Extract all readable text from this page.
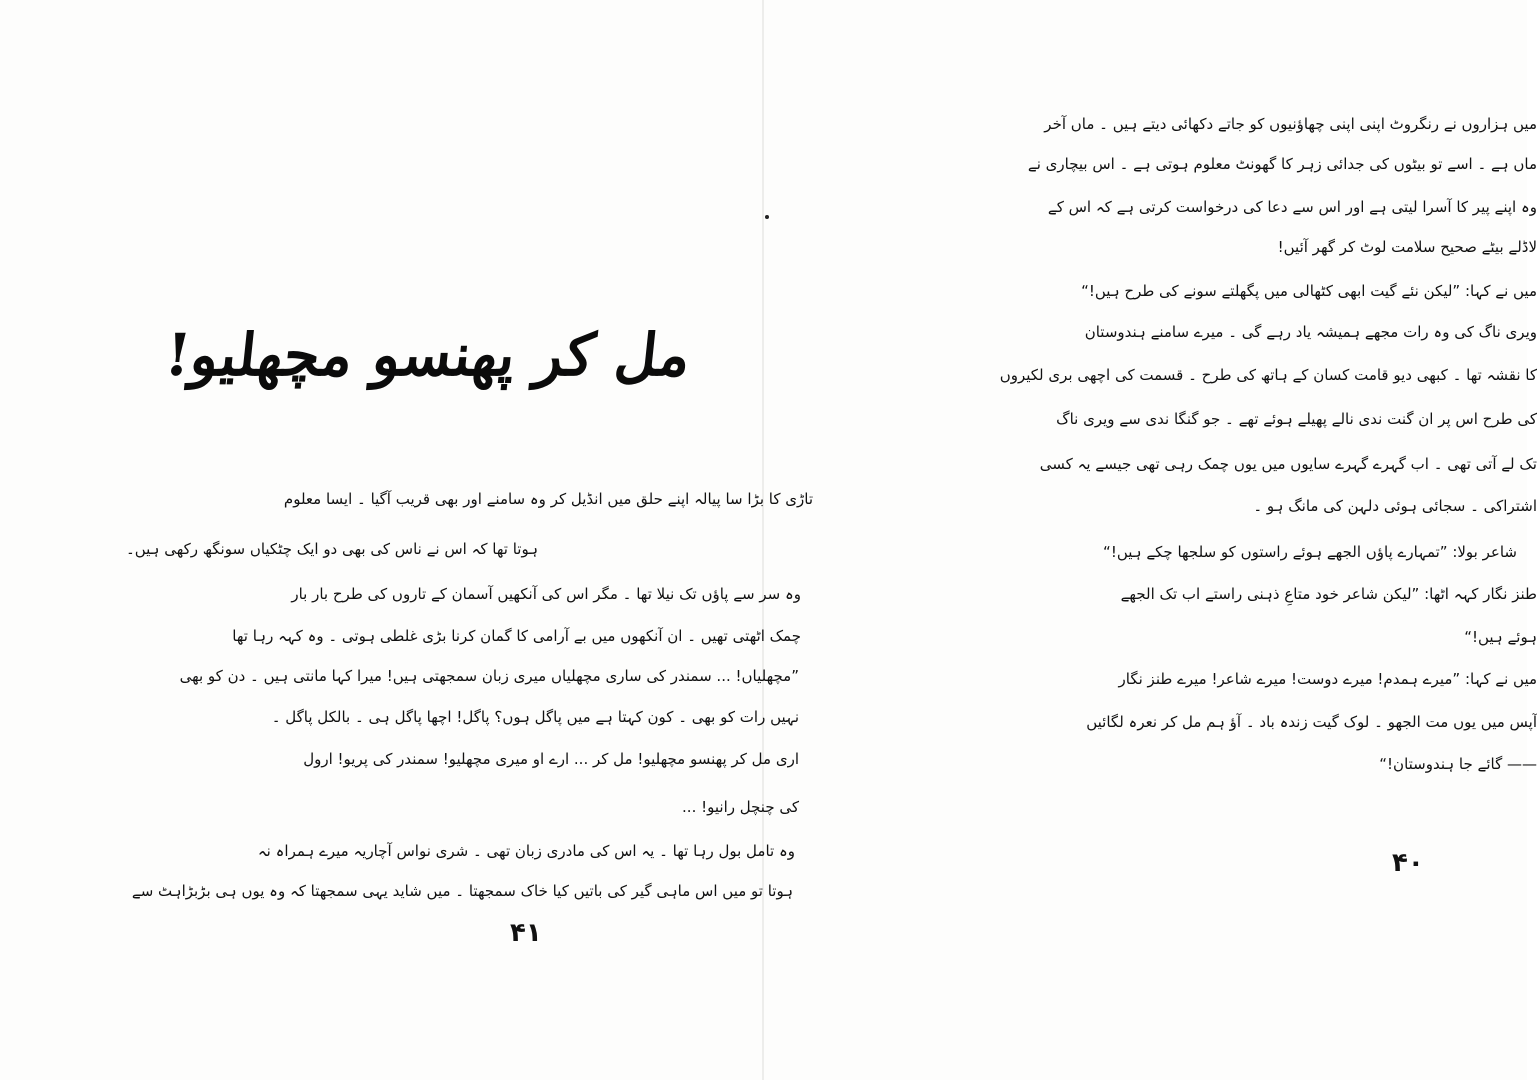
مل کر پھنسو مچھلیو!
تاڑی کا بڑا سا پیالہ اپنے حلق میں انڈیل کر وہ سامنے اور بھی قریب آگیا ۔ ایسا معلوم
ہوتا تھا کہ اس نے ناس کی بھی دو ایک چٹکیاں سونگھ رکھی ہیں۔
وہ سر سے پاؤں تک نیلا تھا ۔ مگر اس کی آنکھیں آسمان کے تاروں کی طرح بار بار
چمک اٹھتی تھیں ۔ ان آنکھوں میں بے آرامی کا گمان کرنا بڑی غلطی ہوتی ۔ وہ کہہ رہا تھا
”مچھلیاں! ... سمندر کی ساری مچھلیاں میری زبان سمجھتی ہیں! میرا کہا مانتی ہیں ۔ دن کو بھی
نہیں رات کو بھی ۔ کون کہتا ہے میں پاگل ہوں؟ پاگل! اچھا پاگل ہی ۔ بالکل پاگل ۔
اری مل کر پھنسو مچھلیو! مل کر ... ارے او میری مچھلیو! سمندر کی پریو! ارول
کی چنچل رانیو! ...
وہ تامل بول رہا تھا ۔ یہ اس کی مادری زبان تھی ۔ شری نواس آچاریہ میرے ہمراہ نہ
ہوتا تو میں اس ماہی گیر کی باتیں کیا خاک سمجھتا ۔ میں شاید یہی سمجھتا کہ وہ یوں ہی بڑبڑاہٹ سے
۴۱
میں ہزاروں نے رنگروٹ اپنی اپنی چھاؤنیوں کو جاتے دکھائی دیتے ہیں ۔ ماں آخر
ماں ہے ۔ اسے تو بیٹوں کی جدائی زہر کا گھونٹ معلوم ہوتی ہے ۔ اس بیچاری نے
وہ اپنے پیر کا آسرا لیتی ہے اور اس سے دعا کی درخواست کرتی ہے کہ اس کے
لاڈلے بیٹے صحیح سلامت لوٹ کر گھر آئیں!
میں نے کہا: ”لیکن نئے گیت ابھی کٹھالی میں پگھلتے سونے کی طرح ہیں!“
ویری ناگ کی وہ رات مجھے ہمیشہ یاد رہے گی ۔ میرے سامنے ہندوستان
کا نقشہ تھا ۔ کبھی دیو قامت کسان کے ہاتھ کی طرح ۔ قسمت کی اچھی بری لکیروں
کی طرح اس پر ان گنت ندی نالے پھیلے ہوئے تھے ۔ جو گنگا ندی سے ویری ناگ
تک لے آتی تھی ۔ اب گہرے گہرے سایوں میں یوں چمک رہی تھی جیسے یہ کسی
اشتراکی ۔ سجائی ہوئی دلہن کی مانگ ہو ۔
شاعر بولا: ”تمہارے پاؤں الجھے ہوئے راستوں کو سلجھا چکے ہیں!“
طنز نگار کہہ اٹھا: ”لیکن شاعر خود متاعِ ذہنی راستے اب تک الجھے
ہوئے ہیں!“
میں نے کہا: ”میرے ہمدم! میرے دوست! میرے شاعر! میرے طنز نگار
آپس میں یوں مت الجھو ۔ لوک گیت زندہ باد ۔ آؤ ہم مل کر نعرہ لگائیں
—— گائے جا ہندوستان!“
۴۰
